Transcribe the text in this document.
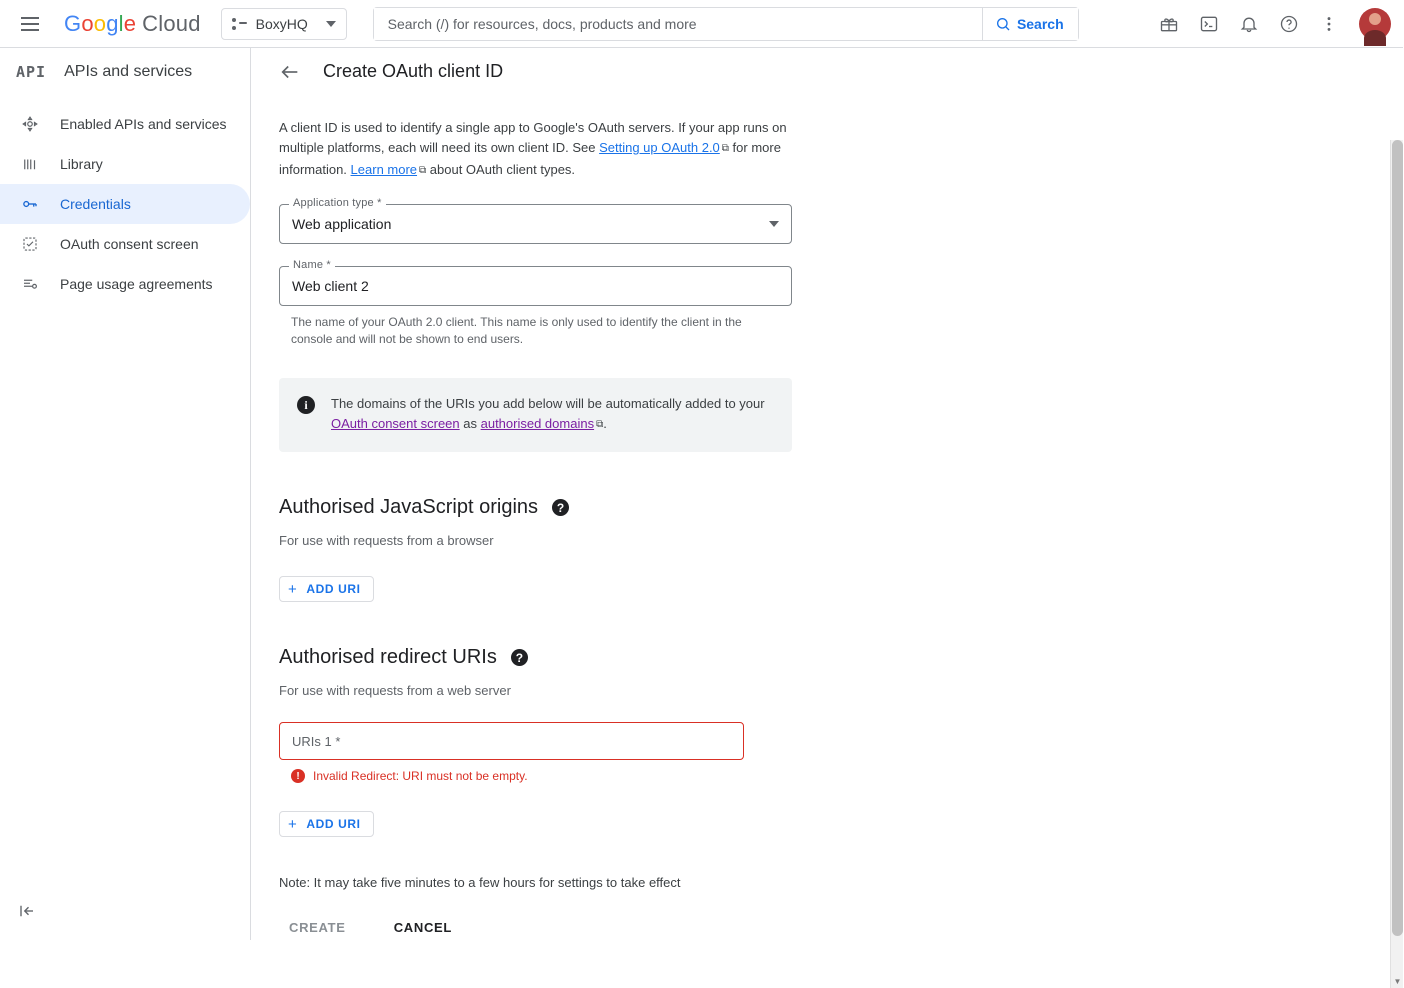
Google Cloud	BoxyHQ
Search (/) for resources, docs, products and more	Search
API APIs and services
Enabled APIs and services
Library
Credentials
OAuth consent screen
Page usage agreements
Create OAuth client ID
A client ID is used to identify a single app to Google's OAuth servers. If your app runs on multiple platforms, each will need its own client ID. See Setting up OAuth 2.0 ⧉ for more information. Learn more ⧉ about OAuth client types.
Application type *
Web application
Name *
Web client 2
The name of your OAuth 2.0 client. This name is only used to identify the client in the console and will not be shown to end users.
i	The domains of the URIs you add below will be automatically added to your OAuth consent screen as authorised domains ⧉.
Authorised JavaScript origins	?
For use with requests from a browser
+ ADD URI
Authorised redirect URIs	?
For use with requests from a web server
URIs 1 *
!	Invalid Redirect: URI must not be empty.
+ ADD URI
Note: It may take five minutes to a few hours for settings to take effect
CREATE	CANCEL
▼
